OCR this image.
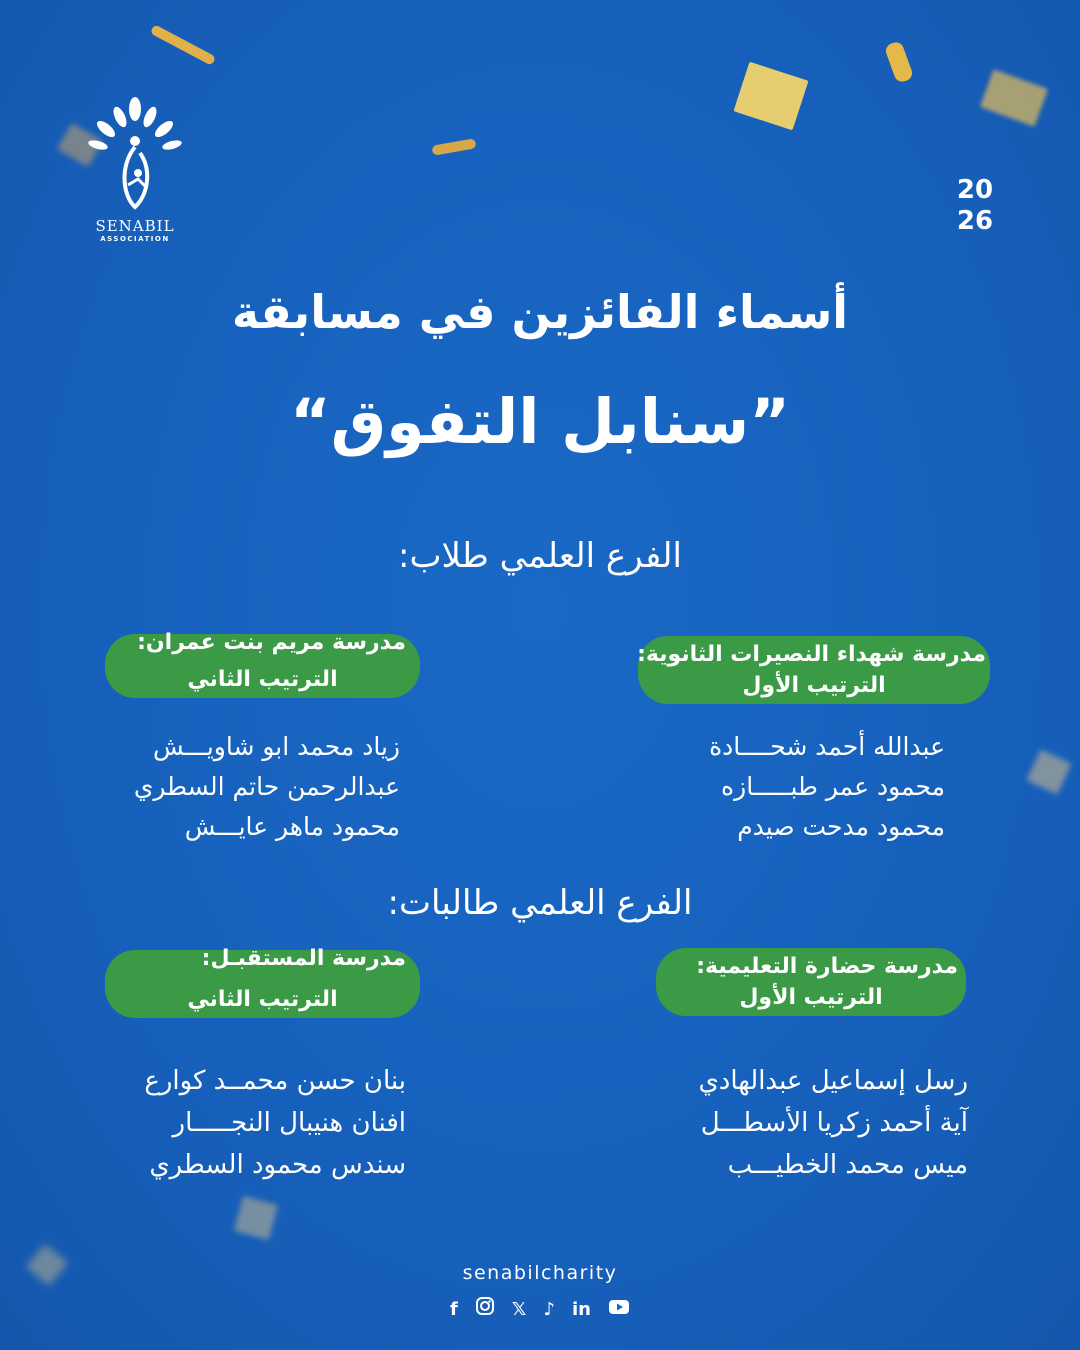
SENABIL
ASSOCIATION
20
26
أسماء الفائزين في مسابقة
”سنابل التفوق“
الفرع العلمي طلاب:
مدرسة شهداء النصيرات الثانوية:
الترتيب الأول
عبدالله أحمد شحــــادة
محمود عمر طبـــــازه
محمود مدحت صيدم
مدرسة مريم بنت عمران:
الترتيب الثاني
زياد محمد ابو شاويـــش
عبدالرحمن حاتم السطري
محمود ماهر عايـــش
الفرع العلمي طالبات:
مدرسة حضارة التعليمية:
الترتيب الأول
رسل إسماعيل عبدالهادي
آية أحمد زكريا الأسطـــل
ميس محمد الخطيـــب
مدرسة المستقبـل:
الترتيب الثاني
بنان حسن محمــد كوارع
افنان هنيبال النجـــــار
سندس محمود السطري
senabilcharity
f	𝕏 ♪ in
